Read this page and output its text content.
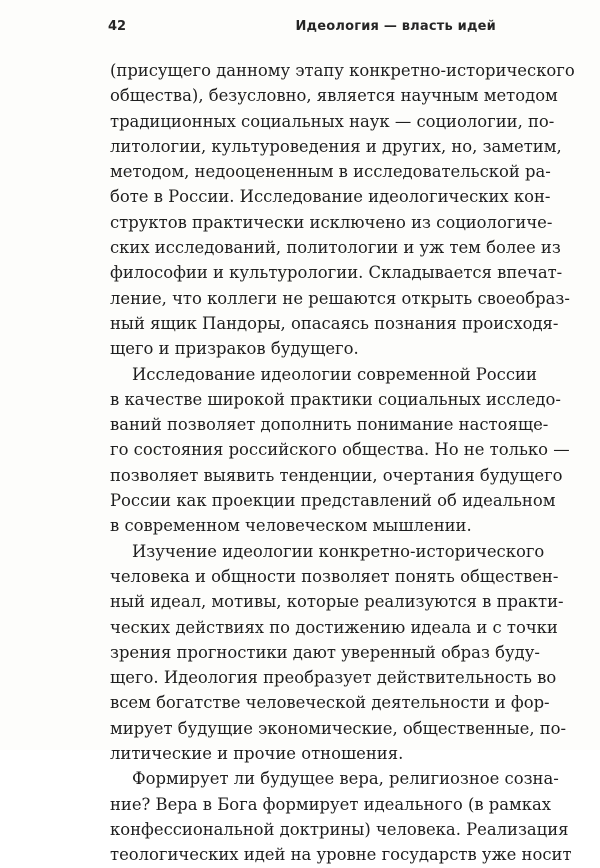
42	Идеология — власть идей

(присущего данному этапу конкретно-исторического
общества), безусловно, является научным методом
традиционных социальных наук — социологии, по-
литологии, культуроведения и других, но, заметим,
методом, недооцененным в исследовательской ра-
боте в России. Исследование идеологических кон-
структов практически исключено из социологиче-
ских исследований, политологии и уж тем более из
философии и культурологии. Складывается впечат-
ление, что коллеги не решаются открыть своеобраз-
ный ящик Пандоры, опасаясь познания происходя-
щего и призраков будущего.

Исследование идеологии современной России
в качестве широкой практики социальных исследо-
ваний позволяет дополнить понимание настояще-
го состояния российского общества. Но не только —
позволяет выявить тенденции, очертания будущего
России как проекции представлений об идеальном
в современном человеческом мышлении.

Изучение идеологии конкретно-исторического
человека и общности позволяет понять обществен-
ный идеал, мотивы, которые реализуются в практи-
ческих действиях по достижению идеала и с точки
зрения прогностики дают уверенный образ буду-
щего. Идеология преобразует действительность во
всем богатстве человеческой деятельности и фор-
мирует будущие экономические, общественные, по-
литические и прочие отношения.

Формирует ли будущее вера, религиозное созна-
ние? Вера в Бога формирует идеального (в рамках
конфессиональной доктрины) человека. Реализация
теологических идей на уровне государств уже носит
